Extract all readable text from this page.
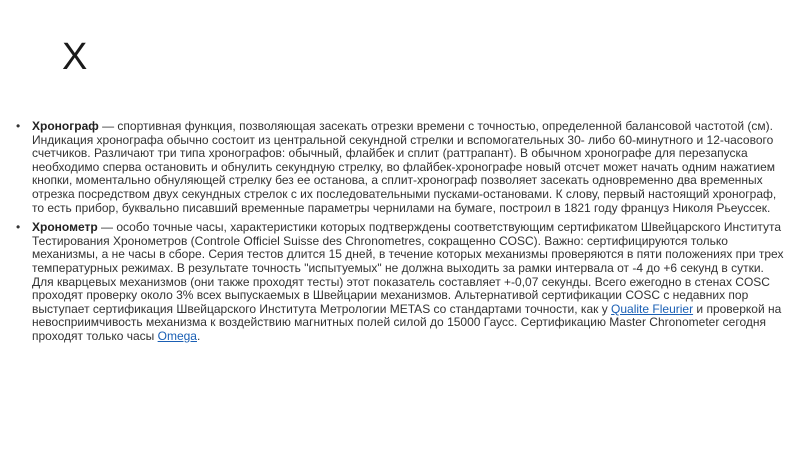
Х

• Хронограф — спортивная функция, позволяющая засекать отрезки времени с точностью, определенной балансовой частотой (см). Индикация хронографа обычно состоит из центральной секундной стрелки и вспомогательных 30- либо 60-минутного и 12-часового счетчиков. Различают три типа хронографов: обычный, флайбек и сплит (раттрапант). В обычном хронографе для перезапуска необходимо сперва остановить и обнулить секундную стрелку, во флайбек-хронографе новый отсчет может начать одним нажатием кнопки, моментально обнуляющей стрелку без ее останова, а сплит-хронограф позволяет засекать одновременно два временных отрезка посредством двух секундных стрелок с их последовательными пусками-остановами. К слову, первый настоящий хронограф, то есть прибор, буквально писавший временные параметры чернилами на бумаге, построил в 1821 году француз Николя Рьеуссек.

• Хронометр — особо точные часы, характеристики которых подтверждены соответствующим сертификатом Швейцарского Института Тестирования Хронометров (Controle Officiel Suisse des Chronometres, сокращенно COSC). Важно: сертифицируются только механизмы, а не часы в сборе. Серия тестов длится 15 дней, в течение которых механизмы проверяются в пяти положениях при трех температурных режимах. В результате точность "испытуемых" не должна выходить за рамки интервала от -4 до +6 секунд в сутки. Для кварцевых механизмов (они также проходят тесты) этот показатель составляет +-0,07 секунды. Всего ежегодно в стенах COSC проходят проверку около 3% всех выпускаемых в Швейцарии механизмов. Альтернативой сертификации COSC с недавних пор выступает сертификация Швейцарского Института Метрологии METAS со стандартами точности, как у Qualite Fleurier и проверкой на невосприимчивость механизма к воздействию магнитных полей силой до 15000 Гаусс. Сертификацию Master Chronometer сегодня проходят только часы Omega.
